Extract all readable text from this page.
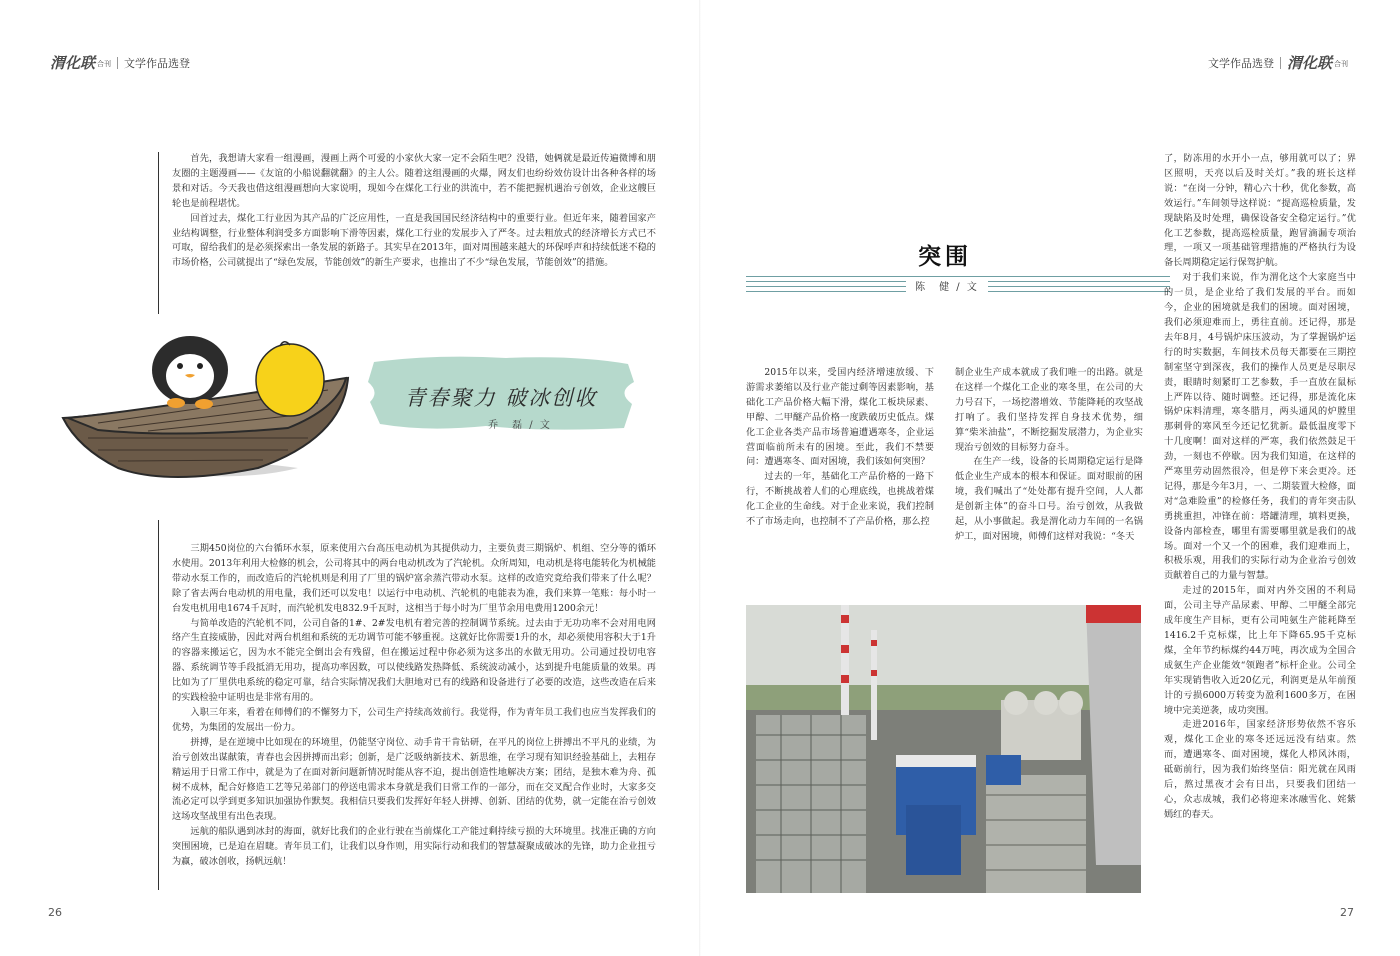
渭化联 合刊 文学作品选登	文学作品选登 渭化联 合刊

首先，我想请大家看一组漫画，漫画上两个可爱的小家伙大家一定不会陌生吧？没错，她俩就是最近传遍微博和朋友圈的主题漫画——《友谊的小船说翻就翻》的主人公。随着这组漫画的火爆，网友们也纷纷效仿设计出各种各样的场景和对话。今天我也借这组漫画想向大家说明，现如今在煤化工行业的洪流中，若不能把握机遇治亏创效，企业这艘巨轮也是前程堪忧。

回首过去，煤化工行业因为其产品的广泛应用性，一直是我国国民经济结构中的重要行业。但近年来，随着国家产业结构调整，行业整体利润受多方面影响下滑等因素，煤化工行业的发展步入了严冬。过去粗放式的经济增长方式已不可取，留给我们的是必须探索出一条发展的新路子。其实早在2013年，面对周围越来越大的环保呼声和持续低迷不稳的市场价格，公司就提出了“绿色发展，节能创效”的新生产要求，也推出了不少“绿色发展，节能创效”的措施。

青春聚力 破冰创收
乔　磊 / 文

三期450岗位的六台循环水泵，原来使用六台高压电动机为其提供动力，主要负责三期锅炉、机组、空分等的循环水使用。2013年利用大检修的机会，公司将其中的两台电动机改为了汽轮机。众所周知，电动机是将电能转化为机械能带动水泵工作的，而改造后的汽轮机则是利用了厂里的锅炉富余蒸汽带动水泵。这样的改造究竟给我们带来了什么呢？除了省去两台电动机的用电量，我们还可以发电！以运行中电动机、汽轮机的电能表为准，我们来算一笔账：每小时一台发电机用电1674千瓦时，而汽轮机发电832.9千瓦时，这相当于每小时为厂里节余用电费用1200余元！

与简单改造的汽轮机不同，公司自备的1#、2#发电机有着完善的控制调节系统。过去由于无功功率不会对用电网络产生直接威胁，因此对两台机组和系统的无功调节可能不够重视。这就好比你需要1升的水，却必须使用容积大于1升的容器来搬运它，因为水不能完全倒出会有残留，但在搬运过程中你必须为这多出的水做无用功。公司通过投切电容器、系统调节等手段抵消无用功，提高功率因数，可以使线路发热降低、系统波动减小，达到提升电能质量的效果。再比如为了厂里供电系统的稳定可靠，结合实际情况我们大胆地对已有的线路和设备进行了必要的改造，这些改造在后来的实践检验中证明也是非常有用的。

入职三年来，看着在师傅们的不懈努力下，公司生产持续高效前行。我觉得，作为青年员工我们也应当发挥我们的优势，为集团的发展出一份力。

拼搏，是在逆境中比如现在的环境里，仍能坚守岗位、动手肯干肯钻研，在平凡的岗位上拼搏出不平凡的业绩，为治亏创效出谋献策，青春也会因拼搏而出彩；创新，是广泛吸纳新技术、新思维，在学习现有知识经验基础上，去粗存精运用于日常工作中，就是为了在面对新问题新情况时能从容不迫，提出创造性地解决方案；团结，是独木难为舟、孤树不成林，配合好修造工艺等兄弟部门的停送电需求本身就是我们日常工作的一部分，而在交叉配合作业时，大家多交流必定可以学到更多知识加强协作默契。我相信只要我们发挥好年轻人拼搏、创新、团结的优势，就一定能在治亏创效这场攻坚战里有出色表现。

远航的船队遇到冰封的海面，就好比我们的企业行驶在当前煤化工产能过剩持续亏损的大环境里。找准正确的方向突围困境，已是迫在眉睫。青年员工们，让我们以身作则，用实际行动和我们的智慧凝聚成破冰的先锋，助力企业扭亏为赢，破冰创收，扬帆远航！

26
突围
陈　健 / 文

2015年以来，受国内经济增速放缓、下游需求萎缩以及行业产能过剩等因素影响，基础化工产品价格大幅下滑，煤化工板块尿素、甲醇、二甲醚产品价格一度跌破历史低点。煤化工企业各类产品市场普遍遭遇寒冬，企业运营面临前所未有的困境。至此，我们不禁要问：遭遇寒冬、面对困境，我们该如何突围？

过去的一年，基础化工产品价格的一路下行，不断挑战着人们的心理底线，也挑战着煤化工企业的生命线。对于企业来说，我们控制不了市场走向，也控制不了产品价格，那么控

制企业生产成本就成了我们唯一的出路。就是在这样一个煤化工企业的寒冬里，在公司的大力号召下，一场挖潜增效、节能降耗的攻坚战打响了。我们坚持发挥自身技术优势，细算“柴米油盐”，不断挖掘发展潜力，为企业实现治亏创效的目标努力奋斗。

在生产一线，设备的长周期稳定运行是降低企业生产成本的根本和保证。面对眼前的困境，我们喊出了“处处都有提升空间，人人都是创新主体”的奋斗口号。治亏创效，从我做起，从小事做起。我是渭化动力车间的一名锅炉工，面对困境，师傅们这样对我说：“冬天

了，防冻用的水开小一点，够用就可以了；界区照明，天亮以后及时关灯。”我的班长这样说：“在岗一分钟，精心六十秒，优化参数，高效运行。”车间领导这样说：“提高巡检质量，发现缺陷及时处理，确保设备安全稳定运行。”优化工艺参数，提高巡检质量，跑冒滴漏专项治理，一项又一项基础管理措施的严格执行为设备长周期稳定运行保驾护航。

对于我们来说，作为渭化这个大家庭当中的一员，是企业给了我们发展的平台。而如今，企业的困境就是我们的困境。面对困境，我们必须迎难而上，勇往直前。还记得，那是去年8月，4号锅炉床压波动，为了掌握锅炉运行的时实数据，车间技术员每天都要在三期控制室坚守到深夜，我们的操作人员更是尽职尽责，眼睛时刻紧盯工艺参数，手一直放在鼠标上严阵以待、随时调整。还记得，那是流化床锅炉床料清理，寒冬腊月，两头通风的炉膛里那刺骨的寒风至今还记忆犹新。最低温度零下十几度啊！面对这样的严寒，我们依然鼓足干劲，一刻也不停歇。因为我们知道，在这样的严寒里劳动固然很冷，但是停下来会更冷。还记得，那是今年3月，一、二期装置大检修，面对“急难险重”的检修任务，我们的青年突击队勇挑重担，冲锋在前：塔罐清理，填料更换，设备内部检查，哪里有需要哪里就是我们的战场。面对一个又一个的困难，我们迎难而上，积极乐观，用我们的实际行动为企业治亏创效贡献着自己的力量与智慧。

走过的2015年，面对内外交困的不利局面，公司主导产品尿素、甲醇、二甲醚全部完成年度生产目标，更有公司吨氨生产能耗降至1416.2千克标煤，比上年下降65.95千克标煤，全年节约标煤约44万吨，再次成为全国合成氨生产企业能效“领跑者”标杆企业。公司全年实现销售收入近20亿元，利润更是从年前预计的亏损6000万转变为盈利1600多万，在困境中完美逆袭，成功突围。

走进2016年，国家经济形势依然不容乐观，煤化工企业的寒冬还远远没有结束。然而，遭遇寒冬、面对困境，煤化人栉风沐雨，砥砺前行，因为我们始终坚信：阳光就在风雨后，熬过黑夜才会有日出，只要我们团结一心，众志成城，我们必将迎来冰融雪化、姹紫嫣红的春天。

27
